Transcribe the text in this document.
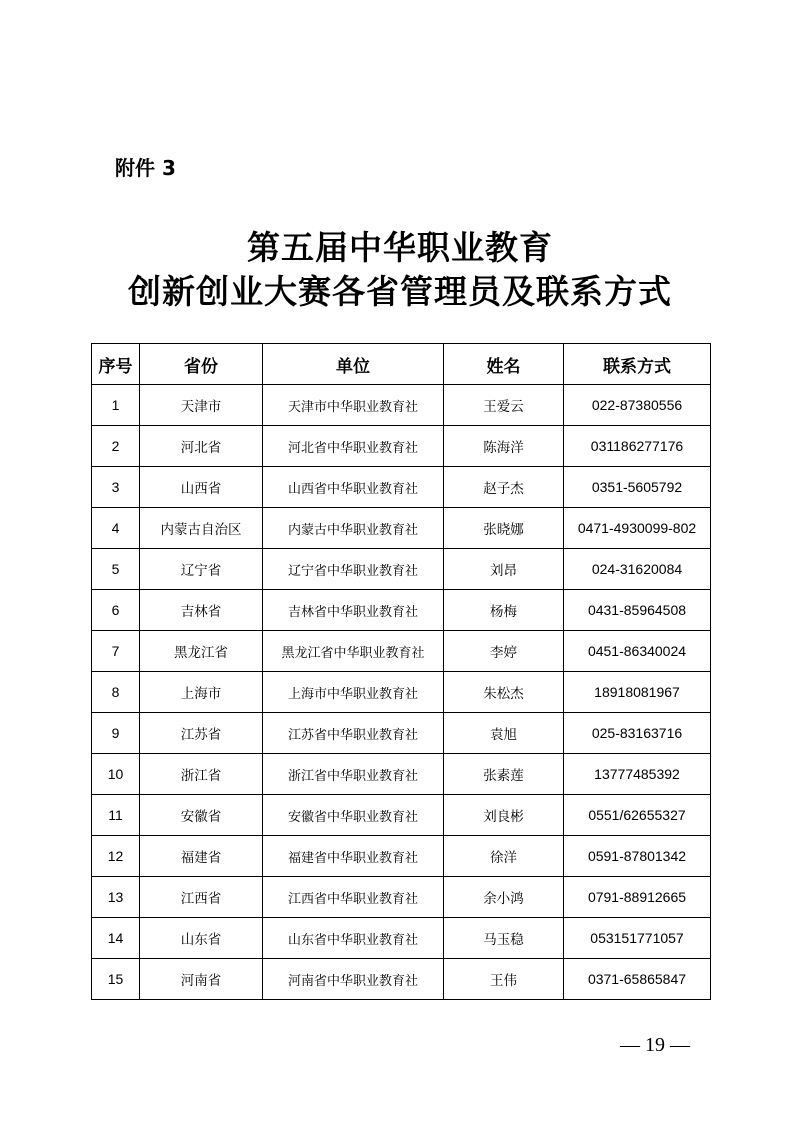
附件 3
第五届中华职业教育
创新创业大赛各省管理员及联系方式
序号	省份	单位	姓名	联系方式
1	天津市	天津市中华职业教育社	王爱云	022-87380556
2	河北省	河北省中华职业教育社	陈海洋	031186277176
3	山西省	山西省中华职业教育社	赵子杰	0351-5605792
4	内蒙古自治区	内蒙古中华职业教育社	张晓娜	0471-4930099-802
5	辽宁省	辽宁省中华职业教育社	刘昂	024-31620084
6	吉林省	吉林省中华职业教育社	杨梅	0431-85964508
7	黑龙江省	黑龙江省中华职业教育社	李婷	0451-86340024
8	上海市	上海市中华职业教育社	朱松杰	18918081967
9	江苏省	江苏省中华职业教育社	袁旭	025-83163716
10	浙江省	浙江省中华职业教育社	张素莲	13777485392
11	安徽省	安徽省中华职业教育社	刘良彬	0551/62655327
12	福建省	福建省中华职业教育社	徐洋	0591-87801342
13	江西省	江西省中华职业教育社	余小鸿	0791-88912665
14	山东省	山东省中华职业教育社	马玉稳	053151771057
15	河南省	河南省中华职业教育社	王伟	0371-65865847
— 19 —
